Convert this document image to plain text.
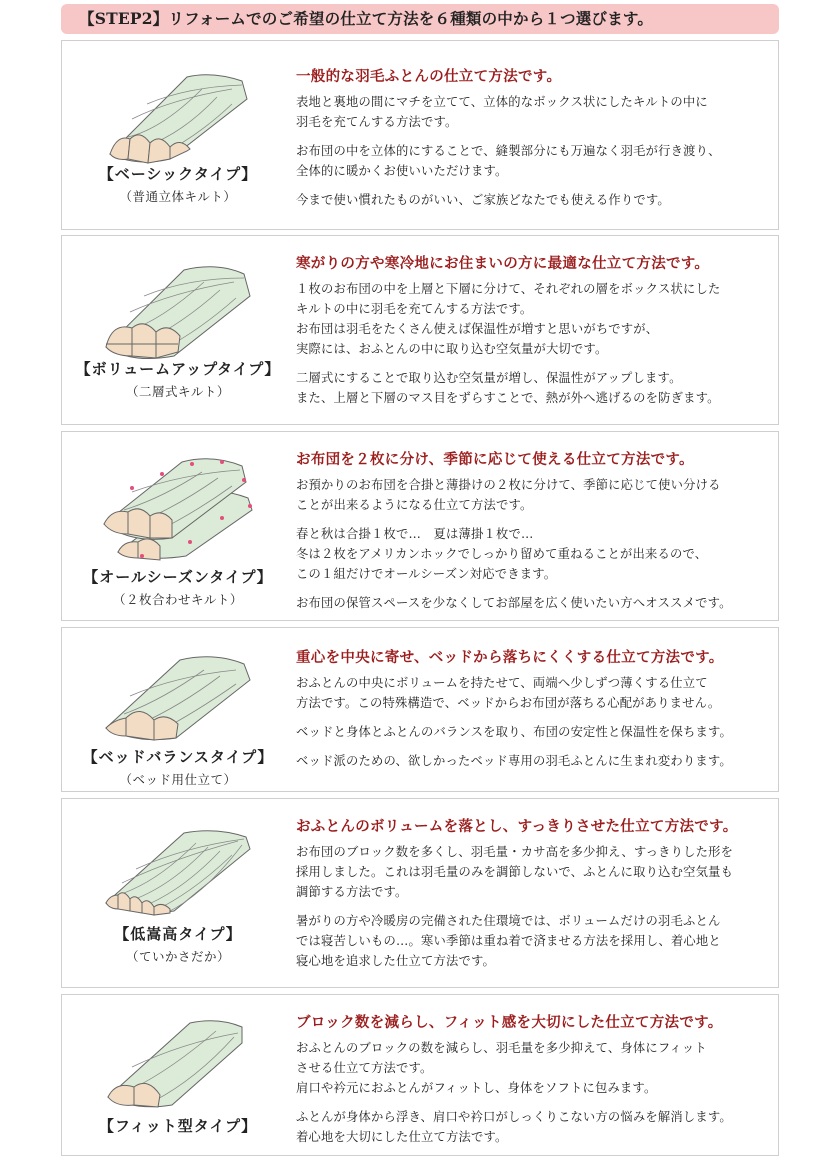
【STEP2】リフォームでのご希望の仕立て方法を６種類の中から１つ選びます。
【ベーシックタイプ】
（普通立体キルト）

一般的な羽毛ふとんの仕立て方法です。

表地と裏地の間にマチを立てて、立体的なボックス状にしたキルトの中に
羽毛を充てんする方法です。

お布団の中を立体的にすることで、縫製部分にも万遍なく羽毛が行き渡り、
全体的に暖かくお使いいただけます。

今まで使い慣れたものがいい、ご家族どなたでも使える作りです。

【ボリュームアップタイプ】
（二層式キルト）

寒がりの方や寒冷地にお住まいの方に最適な仕立て方法です。

１枚のお布団の中を上層と下層に分けて、それぞれの層をボックス状にした
キルトの中に羽毛を充てんする方法です。
お布団は羽毛をたくさん使えば保温性が増すと思いがちですが、
実際には、おふとんの中に取り込む空気量が大切です。

二層式にすることで取り込む空気量が増し、保温性がアップします。
また、上層と下層のマス目をずらすことで、熱が外へ逃げるのを防ぎます。

【オールシーズンタイプ】
（２枚合わせキルト）

お布団を２枚に分け、季節に応じて使える仕立て方法です。

お預かりのお布団を合掛と薄掛けの２枚に分けて、季節に応じて使い分ける
ことが出来るようになる仕立て方法です。

春と秋は合掛１枚で…　夏は薄掛１枚で…
冬は２枚をアメリカンホックでしっかり留めて重ねることが出来るので、
この１組だけでオールシーズン対応できます。

お布団の保管スペースを少なくしてお部屋を広く使いたい方へオススメです。

【ベッドバランスタイプ】
（ベッド用仕立て）

重心を中央に寄せ、ベッドから落ちにくくする仕立て方法です。

おふとんの中央にボリュームを持たせて、両端へ少しずつ薄くする仕立て
方法です。この特殊構造で、ベッドからお布団が落ちる心配がありません。

ベッドと身体とふとんのバランスを取り、布団の安定性と保温性を保ちます。

ベッド派のための、欲しかったベッド専用の羽毛ふとんに生まれ変わります。

【低嵩高タイプ】
（ていかさだか）

おふとんのボリュームを落とし、すっきりさせた仕立て方法です。

お布団のブロック数を多くし、羽毛量・カサ高を多少抑え、すっきりした形を
採用しました。これは羽毛量のみを調節しないで、ふとんに取り込む空気量も
調節する方法です。

暑がりの方や冷暖房の完備された住環境では、ボリュームだけの羽毛ふとん
では寝苦しいもの…。寒い季節は重ね着で済ませる方法を採用し、着心地と
寝心地を追求した仕立て方法です。

【フィット型タイプ】

ブロック数を減らし、フィット感を大切にした仕立て方法です。

おふとんのブロックの数を減らし、羽毛量を多少抑えて、身体にフィット
させる仕立て方法です。
肩口や衿元におふとんがフィットし、身体をソフトに包みます。

ふとんが身体から浮き、肩口や衿口がしっくりこない方の悩みを解消します。
着心地を大切にした仕立て方法です。
